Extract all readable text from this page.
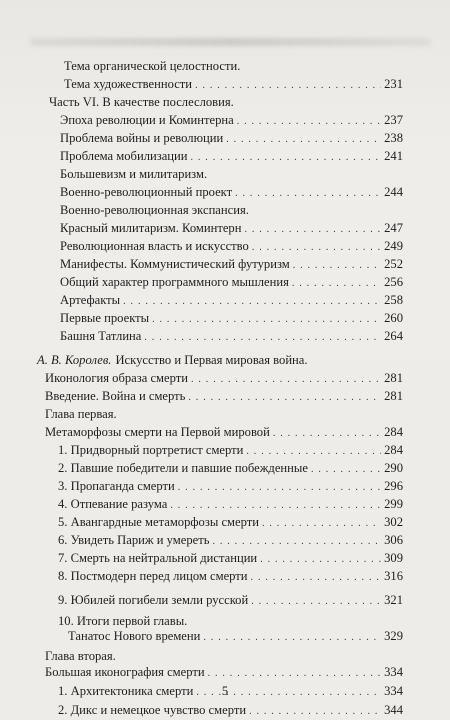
Тема органической целостности.
Тема художественности . . .	231
Часть VI. В качестве послесловия.
Эпоха революции и Коминтерна . . .	237
Проблема войны и революции . . .	238
Проблема мобилизации . . .	241
Большевизм и милитаризм.
Военно-революционный проект . . .	244
Военно-революционная экспансия.
Красный милитаризм. Коминтерн . . .	247
Революционная власть и искусство . . .	249
Манифесты. Коммунистический футуризм . . .	252
Общий характер программного мышления . . .	256
Артефакты . . .	258
Первые проекты . . .	260
Башня Татлина . . .	264
А. В. Королев. Искусство и Первая мировая война.
Иконология образа смерти . . .	281
Введение. Война и смерть . . .	281
Глава первая.
Метаморфозы смерти на Первой мировой . . .	284
1. Придворный портретист смерти . . .	284
2. Павшие победители и павшие побежденные . . .	290
3. Пропаганда смерти . . .	296
4. Отпевание разума . . .	299
5. Авангардные метаморфозы смерти . . .	302
6. Увидеть Париж и умереть . . .	306
7. Смерть на нейтральной дистанции . . .	309
8. Постмодерн перед лицом смерти . . .	316
9. Юбилей погибели земли русской . . .	321
10. Итоги первой главы.
Танатос Нового времени . . .	329
Глава вторая.
Большая иконография смерти . . .	334
1. Архитектоника смерти . . .	334
2. Дикс и немецкое чувство смерти . . .	344
5
